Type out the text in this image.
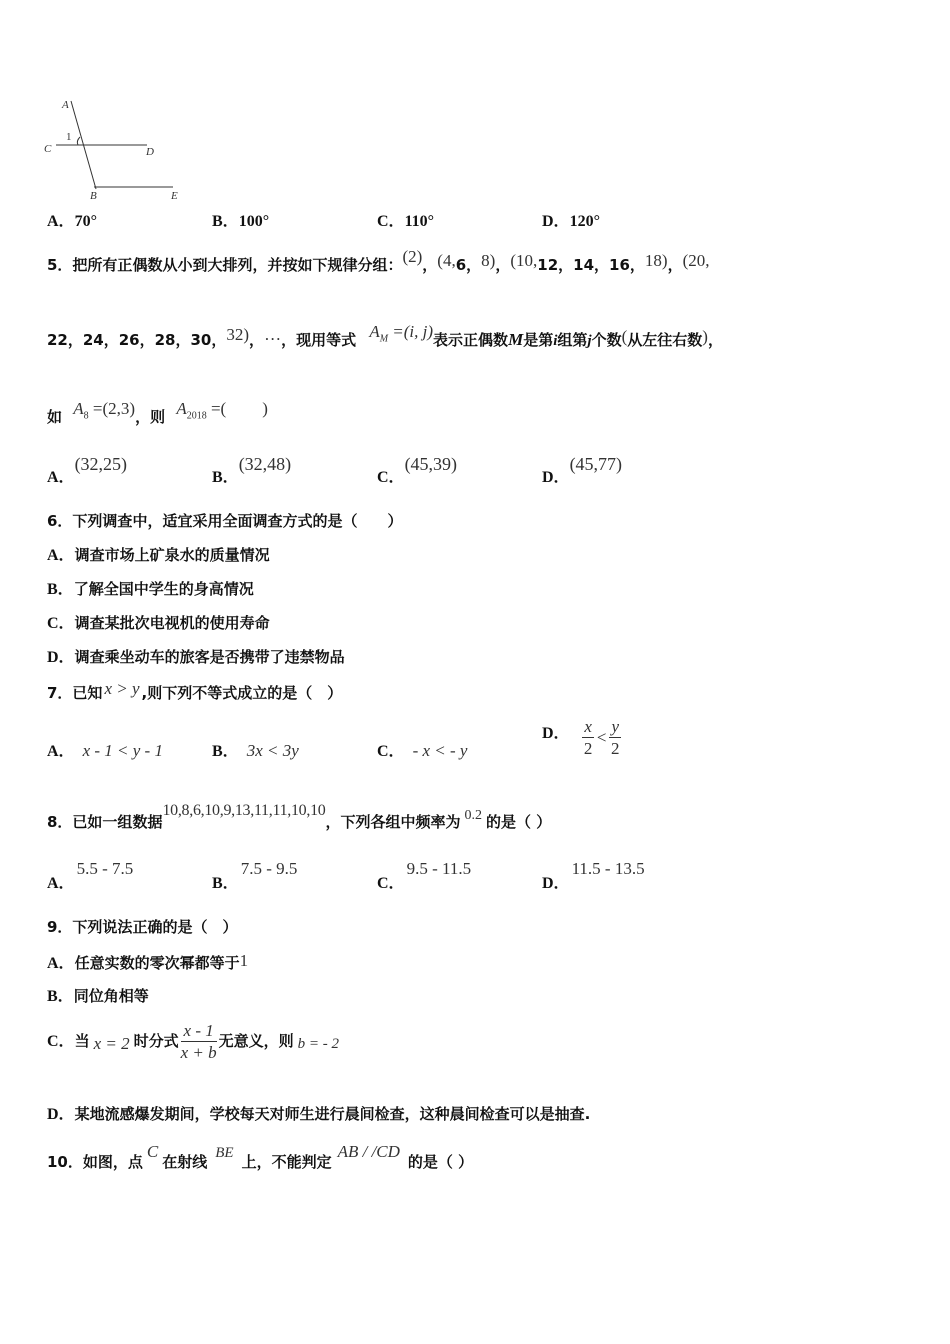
A
1
C	D
B	E
A．70°	B．100°	C．110°	D．120°
5．把所有正偶数从小到大排列，并按如下规律分组：(2)，(4,6，8)，(10,12，14，16，18)，(20,
22，24，26，28，30，32)，…，现用等式 $A_M =(i$, j)表示正偶数M是第i组第j个数(从左往右数)，
如 $A_8 =(2,3)$，则 $A_{2018}$ =( )
A．(32,25)
B．(32,48)
C．(45,39)
D．(45,77)
6．下列调查中，适宜采用全面调查方式的是（　　）
A．调查市场上矿泉水的质量情况
B．了解全国中学生的身高情况
C．调查某批次电视机的使用寿命
D．调查乘坐动车的旅客是否携带了违禁物品
7．已知 x > y ,则下列不等式成立的是（　）
A． x - 1 < y - 1	B． 3x < 3y	C． - x < - y
D． $\frac{x}{2} < \frac{y}{2}$
8．已如一组数据10,8,6,10,9,13,11,11,10,10，下列各组中频率为 0.2 的是（ ）
A．5.5 - 7.5
B．7.5 - 9.5
C．9.5 - 11.5
D．11.5 - 13.5
9．下列说法正确的是（　）
A．任意实数的零次幂都等于1
B．同位角相等
C． 当 x = 2 时分式 $\frac{x - 1}{x + b}$ 无意义，则 b = - 2
D．某地流感爆发期间，学校每天对师生进行晨间检查，这种晨间检查可以是抽查.
10．如图，点C在射线 BE 上，不能判定AB / /CD的是（ ）
